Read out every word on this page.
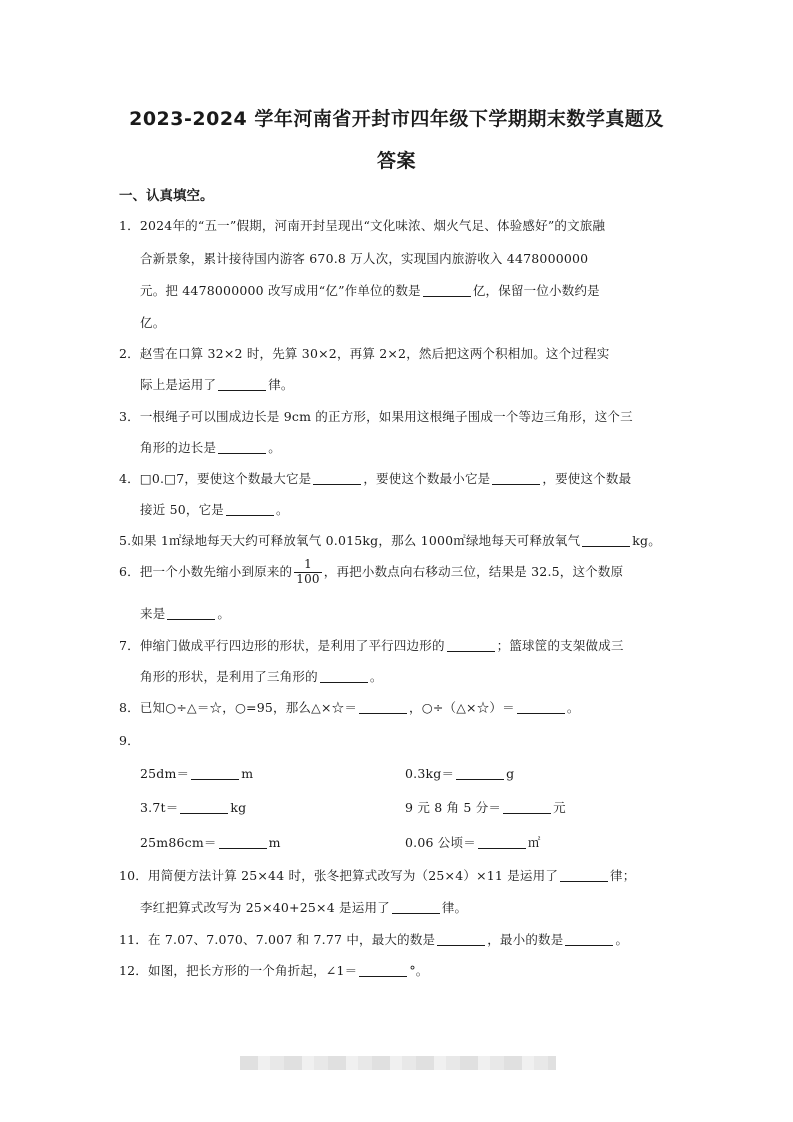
2023-2024 学年河南省开封市四年级下学期期末数学真题及
答案
一、认真填空。
1．2024年的“五一”假期，河南开封呈现出“文化味浓、烟火气足、体验感好”的文旅融
合新景象，累计接待国内游客 670.8 万人次，实现国内旅游收入 4478000000
元。把 4478000000 改写成用“亿”作单位的数是	亿，保留一位小数约是
亿。
2．赵雪在口算 32×2 时，先算 30×2，再算 2×2，然后把这两个积相加。这个过程实
际上是运用了	律。
3．一根绳子可以围成边长是 9cm 的正方形，如果用这根绳子围成一个等边三角形，这个三
角形的边长是	。
4．□0.□7，要使这个数最大它是	，要使这个数最小它是	，要使这个数最
接近 50，它是	。
5.如果 1㎡绿地每天大约可释放氧气 0.015kg，那么 1000㎡绿地每天可释放氧气	kg。
6．把一个小数先缩小到原来的 $\frac{1}{100}$ ，再把小数点向右移动三位，结果是 32.5，这个数原
来是	。
7．伸缩门做成平行四边形的形状，是利用了平行四边形的	；篮球筐的支架做成三
角形的形状，是利用了三角形的	。
8．已知○÷△＝☆，○=95，那么△×☆＝	，○÷（△×☆）＝	。
9．
25dm＝	m	0.3kg＝	g
3.7t＝	kg	9 元 8 角 5 分＝	元
25m86cm＝	m	0.06 公顷＝	㎡
10．用简便方法计算 25×44 时，张冬把算式改写为（25×4）×11 是运用了	律；
李红把算式改写为 25×40+25×4 是运用了	律。
11．在 7.07、7.070、7.007 和 7.77 中，最大的数是	，最小的数是	。
12．如图，把长方形的一个角折起，∠1＝	°。
